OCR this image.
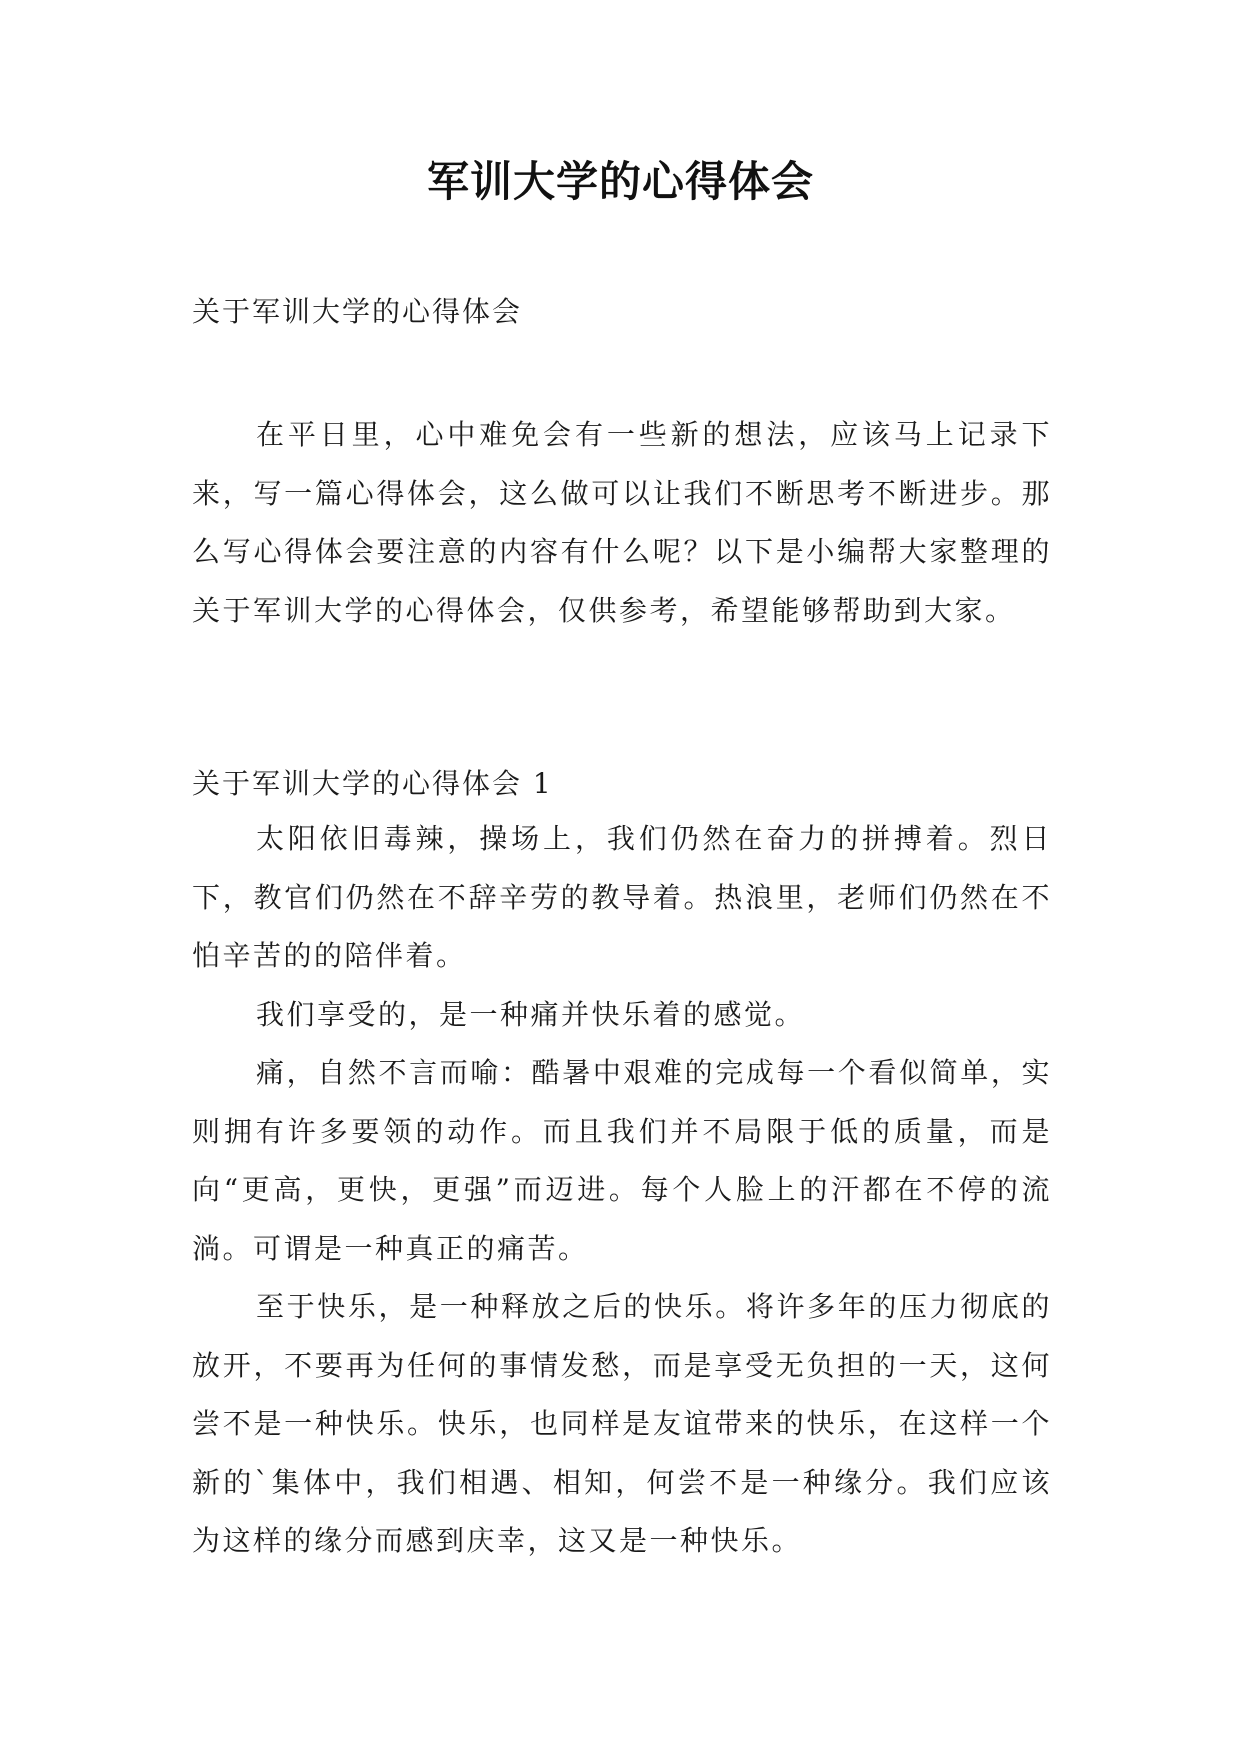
军训大学的心得体会

关于军训大学的心得体会

在平日里，心中难免会有一些新的想法，应该马上记录下来，写一篇心得体会，这么做可以让我们不断思考不断进步。那么写心得体会要注意的内容有什么呢？以下是小编帮大家整理的关于军训大学的心得体会，仅供参考，希望能够帮助到大家。

关于军训大学的心得体会 1

太阳依旧毒辣，操场上，我们仍然在奋力的拼搏着。烈日下，教官们仍然在不辞辛劳的教导着。热浪里，老师们仍然在不怕辛苦的的陪伴着。

我们享受的，是一种痛并快乐着的感觉。

痛，自然不言而喻：酷暑中艰难的完成每一个看似简单，实则拥有许多要领的动作。而且我们并不局限于低的质量，而是向“更高，更快，更强”而迈进。每个人脸上的汗都在不停的流淌。可谓是一种真正的痛苦。

至于快乐，是一种释放之后的快乐。将许多年的压力彻底的放开，不要再为任何的事情发愁，而是享受无负担的一天，这何尝不是一种快乐。快乐，也同样是友谊带来的快乐，在这样一个新的`集体中，我们相遇、相知，何尝不是一种缘分。我们应该为这样的缘分而感到庆幸，这又是一种快乐。
